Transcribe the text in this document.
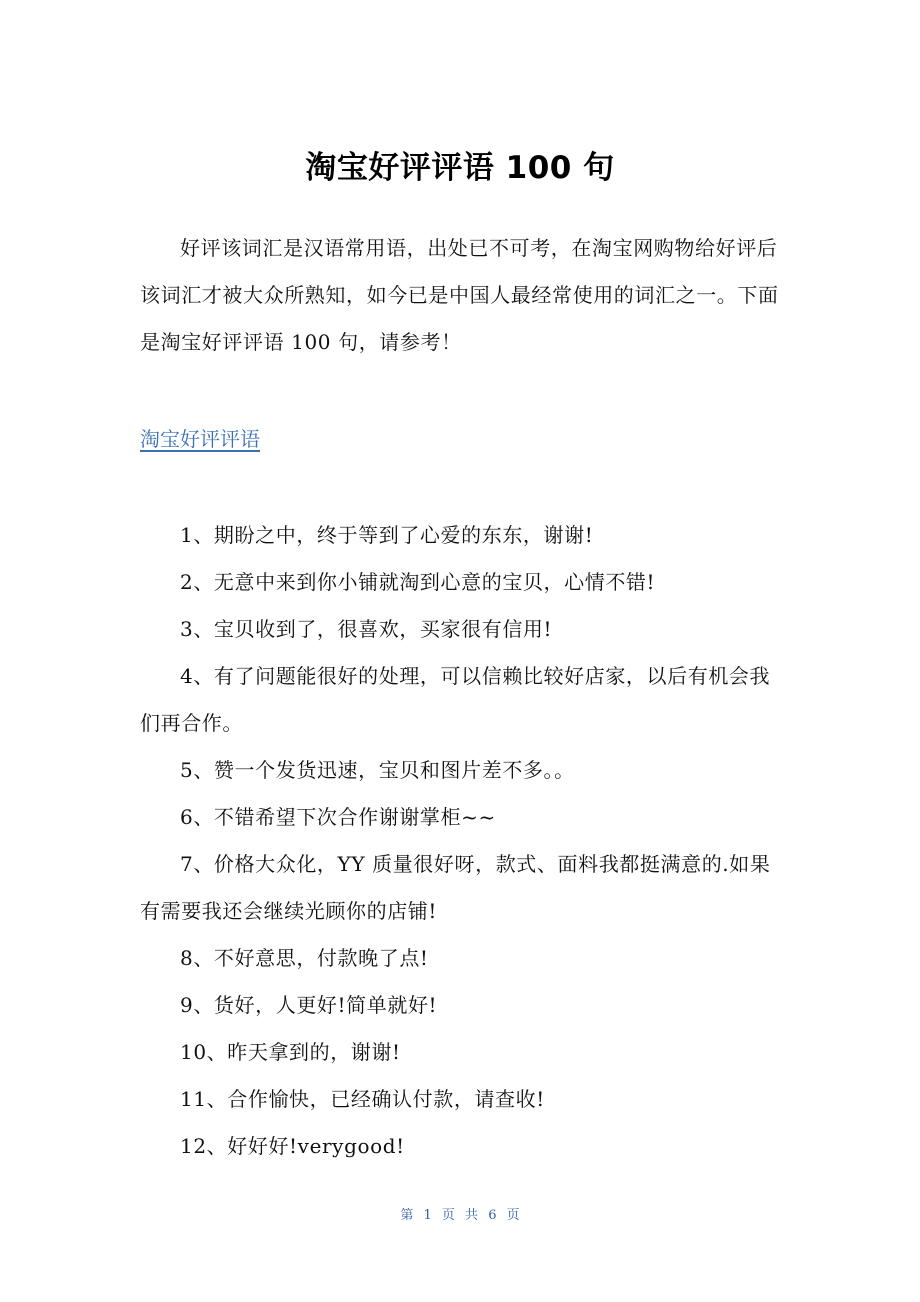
淘宝好评评语 100 句

好评该词汇是汉语常用语，出处已不可考，在淘宝网购物给好评后该词汇才被大众所熟知，如今已是中国人最经常使用的词汇之一。下面是淘宝好评评语 100 句，请参考！

淘宝好评评语
1、期盼之中，终于等到了心爱的东东，谢谢!
2、无意中来到你小铺就淘到心意的宝贝，心情不错!
3、宝贝收到了，很喜欢，买家很有信用!
4、有了问题能很好的处理，可以信赖比较好店家，以后有机会我们再合作。
5、赞一个发货迅速，宝贝和图片差不多。。
6、不错希望下次合作谢谢掌柜~~
7、价格大众化，YY 质量很好呀，款式、面料我都挺满意的.如果有需要我还会继续光顾你的店铺!
8、不好意思，付款晚了点!
9、货好，人更好!简单就好!
10、昨天拿到的，谢谢!
11、合作愉快，已经确认付款，请查收!
12、好好好!verygood!
第 1 页 共 6 页
